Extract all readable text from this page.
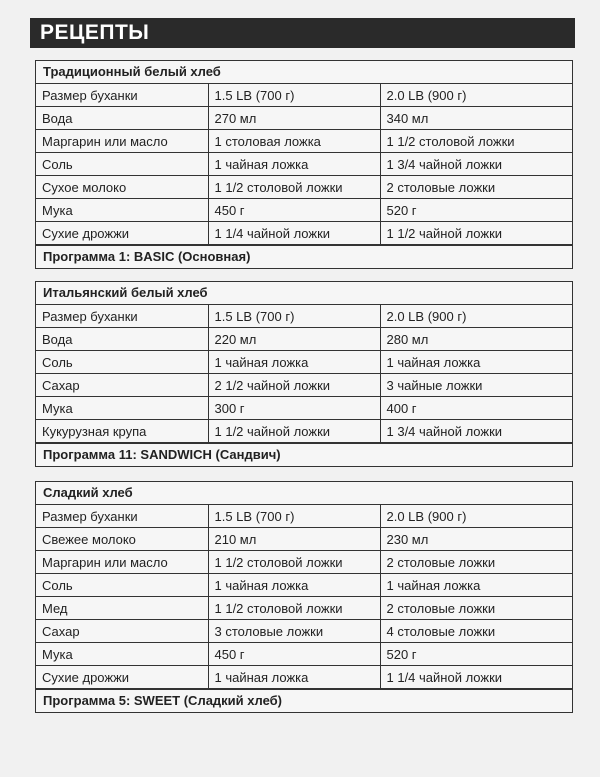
РЕЦЕПТЫ
Традиционный белый хлеб
Размер буханки	1.5 LB (700 г)	2.0 LB (900 г)
Вода	270 мл	340 мл
Маргарин или масло	1 столовая ложка	1 1/2 столовой ложки
Соль	1 чайная ложка	1 3/4 чайной ложки
Сухое молоко	1 1/2 столовой ложки	2 столовые ложки
Мука	450 г	520 г
Сухие дрожжи	1 1/4 чайной ложки	1 1/2 чайной ложки
Программа 1: BASIC (Основная)
Итальянский белый хлеб
Размер буханки	1.5 LB (700 г)	2.0 LB (900 г)
Вода	220 мл	280 мл
Соль	1 чайная ложка	1 чайная ложка
Сахар	2 1/2 чайной ложки	3 чайные ложки
Мука	300 г	400 г
Кукурузная крупа	1 1/2 чайной ложки	1 3/4 чайной ложки
Программа 11: SANDWICH (Сандвич)
Сладкий хлеб
Размер буханки	1.5 LB (700 г)	2.0 LB (900 г)
Свежее молоко	210 мл	230 мл
Маргарин или масло	1 1/2 столовой ложки	2 столовые ложки
Соль	1 чайная ложка	1 чайная ложка
Мед	1 1/2 столовой ложки	2 столовые ложки
Сахар	3 столовые ложки	4 столовые ложки
Мука	450 г	520 г
Сухие дрожжи	1 чайная ложка	1 1/4 чайной ложки
Программа 5: SWEET (Сладкий хлеб)
